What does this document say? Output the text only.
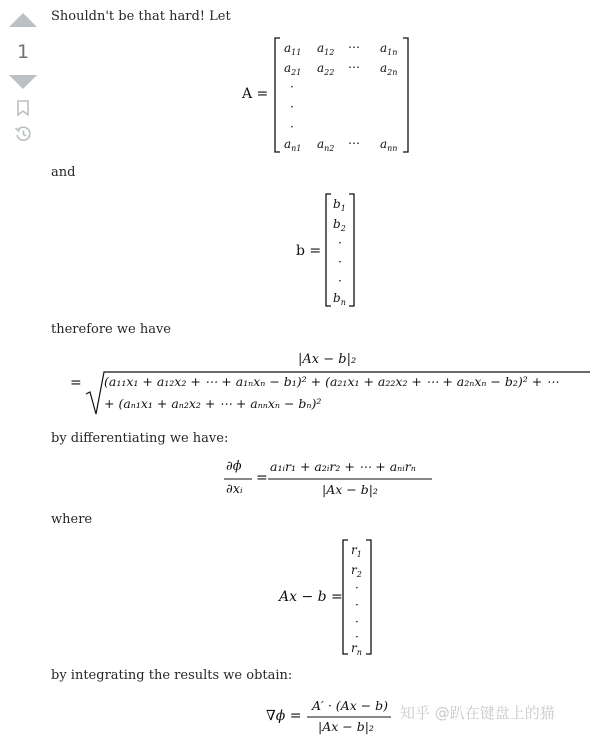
1
Shouldn't be that hard! Let
and
therefore we have
by differentiating we have:
where
by integrating the results we obtain:
A =
$a_{11}$ $a_{12}$ ⋯ $a_{1n}$
$a_{21}$ $a_{22}$ ⋯ $a_{2n}$
·
·
·
$a_{n1}$ $a_{n2}$ ⋯ $a_{nn}$
b =
$b_1$
$b_2$
·
·
·
$b_n$
|Ax − b|₂
= (a₁₁x₁ + a₁₂x₂ + ⋯ + a₁ₙxₙ − b₁)² + (a₂₁x₁ + a₂₂x₂ + ⋯ + a₂ₙxₙ − b₂)² + ⋯
+ (aₙ₁x₁ + aₙ₂x₂ + ⋯ + aₙₙxₙ − bₙ)²
∂ϕ
∂xᵢ
=
a₁ᵢr₁ + a₂ᵢr₂ + ⋯ + aₙᵢrₙ
|Ax − b|₂
Ax − b =
$r_1$
$r_2$
·
·
·
·
$r_n$
∇ϕ =
A′ · (Ax − b)
|Ax − b|₂
知乎 @趴在键盘上的猫
